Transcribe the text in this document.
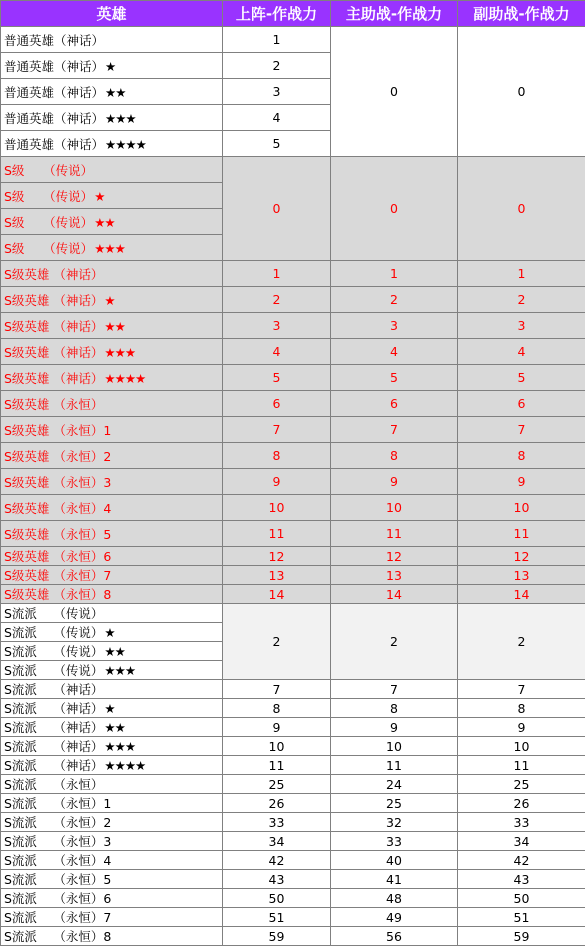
英雄	上阵-作战力	主助战-作战力	副助战-作战力
普通英雄（神话）	1	0	0
普通英雄（神话）★	2		
普通英雄（神话）★★	3		
普通英雄（神话）★★★	4		
普通英雄（神话）★★★★	5		
S级　　（传说）	0	0	0
S级　　（传说）★			
S级　　（传说）★★			
S级　　（传说）★★★			
S级英雄 （神话）	1	1	1
S级英雄 （神话）★	2	2	2
S级英雄 （神话）★★	3	3	3
S级英雄 （神话）★★★	4	4	4
S级英雄 （神话）★★★★	5	5	5
S级英雄 （永恒）	6	6	6
S级英雄 （永恒）1	7	7	7
S级英雄 （永恒）2	8	8	8
S级英雄 （永恒）3	9	9	9
S级英雄 （永恒）4	10	10	10
S级英雄 （永恒）5	11	11	11
S级英雄 （永恒）6	12	12	12
S级英雄 （永恒）7	13	13	13
S级英雄 （永恒）8	14	14	14
S流派　 （传说）	2	2	2
S流派　 （传说）★			
S流派　 （传说）★★			
S流派　 （传说）★★★			
S流派　 （神话）	7	7	7
S流派　 （神话）★	8	8	8
S流派　 （神话）★★	9	9	9
S流派　 （神话）★★★	10	10	10
S流派　 （神话）★★★★	11	11	11
S流派　 （永恒）	25	24	25
S流派　 （永恒）1	26	25	26
S流派　 （永恒）2	33	32	33
S流派　 （永恒）3	34	33	34
S流派　 （永恒）4	42	40	42
S流派　 （永恒）5	43	41	43
S流派　 （永恒）6	50	48	50
S流派　 （永恒）7	51	49	51
S流派　 （永恒）8	59	56	59
